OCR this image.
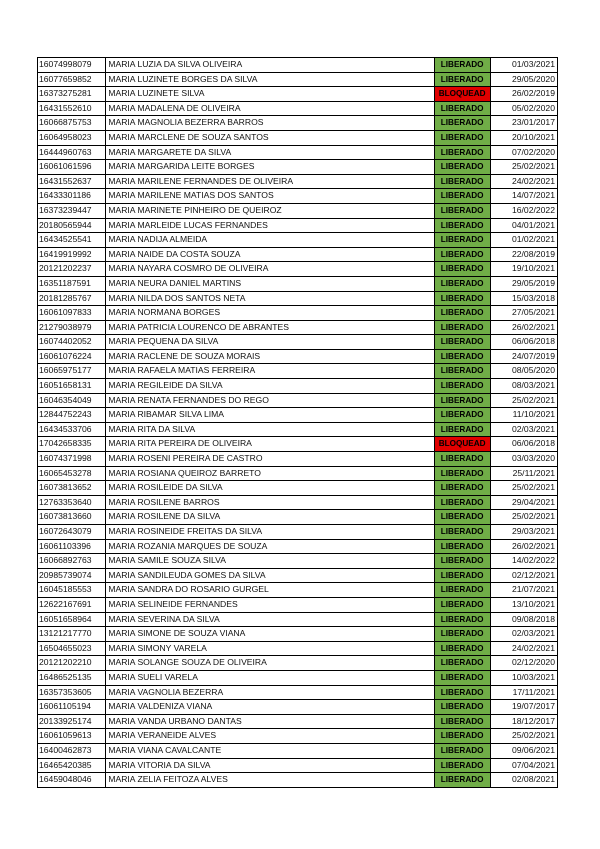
16074998079	MARIA LUZIA DA SILVA OLIVEIRA	LIBERADO	01/03/2021
16077659852	MARIA LUZINETE BORGES DA SILVA	LIBERADO	29/05/2020
16373275281	MARIA LUZINETE SILVA	BLOQUEAD	26/02/2019
16431552610	MARIA MADALENA DE OLIVEIRA	LIBERADO	05/02/2020
16066875753	MARIA MAGNOLIA BEZERRA BARROS	LIBERADO	23/01/2017
16064958023	MARIA MARCLENE DE SOUZA SANTOS	LIBERADO	20/10/2021
16444960763	MARIA MARGARETE DA SILVA	LIBERADO	07/02/2020
16061061596	MARIA MARGARIDA LEITE BORGES	LIBERADO	25/02/2021
16431552637	MARIA MARILENE FERNANDES DE OLIVEIRA	LIBERADO	24/02/2021
16433301186	MARIA MARILENE MATIAS DOS SANTOS	LIBERADO	14/07/2021
16373239447	MARIA MARINETE PINHEIRO DE QUEIROZ	LIBERADO	16/02/2022
20180565944	MARIA MARLEIDE LUCAS FERNANDES	LIBERADO	04/01/2021
16434525541	MARIA NADIJA ALMEIDA	LIBERADO	01/02/2021
16419919992	MARIA NAIDE DA COSTA SOUZA	LIBERADO	22/08/2019
20121202237	MARIA NAYARA COSMRO DE OLIVEIRA	LIBERADO	19/10/2021
16351187591	MARIA NEURA DANIEL MARTINS	LIBERADO	29/05/2019
20181285767	MARIA NILDA DOS SANTOS NETA	LIBERADO	15/03/2018
16061097833	MARIA NORMANA BORGES	LIBERADO	27/05/2021
21279038979	MARIA PATRICIA LOURENCO DE ABRANTES	LIBERADO	26/02/2021
16074402052	MARIA PEQUENA DA SILVA	LIBERADO	06/06/2018
16061076224	MARIA RACLENE DE SOUZA MORAIS	LIBERADO	24/07/2019
16065975177	MARIA RAFAELA MATIAS FERREIRA	LIBERADO	08/05/2020
16051658131	MARIA REGILEIDE DA SILVA	LIBERADO	08/03/2021
16046354049	MARIA RENATA FERNANDES DO REGO	LIBERADO	25/02/2021
12844752243	MARIA RIBAMAR SILVA LIMA	LIBERADO	11/10/2021
16434533706	MARIA RITA DA SILVA	LIBERADO	02/03/2021
17042658335	MARIA RITA PEREIRA DE OLIVEIRA	BLOQUEAD	06/06/2018
16074371998	MARIA ROSENI PEREIRA DE CASTRO	LIBERADO	03/03/2020
16065453278	MARIA ROSIANA QUEIROZ BARRETO	LIBERADO	25/11/2021
16073813652	MARIA ROSILEIDE DA SILVA	LIBERADO	25/02/2021
12763353640	MARIA ROSILENE BARROS	LIBERADO	29/04/2021
16073813660	MARIA ROSILENE DA SILVA	LIBERADO	25/02/2021
16072643079	MARIA ROSINEIDE FREITAS DA SILVA	LIBERADO	29/03/2021
16061103396	MARIA ROZANIA MARQUES DE SOUZA	LIBERADO	26/02/2021
16066892763	MARIA SAMILE SOUZA SILVA	LIBERADO	14/02/2022
20985739074	MARIA SANDILEUDA GOMES DA SILVA	LIBERADO	02/12/2021
16045185553	MARIA SANDRA DO ROSARIO GURGEL	LIBERADO	21/07/2021
12622167691	MARIA SELINEIDE FERNANDES	LIBERADO	13/10/2021
16051658964	MARIA SEVERINA DA SILVA	LIBERADO	09/08/2018
13121217770	MARIA SIMONE DE SOUZA VIANA	LIBERADO	02/03/2021
16504655023	MARIA SIMONY VARELA	LIBERADO	24/02/2021
20121202210	MARIA SOLANGE SOUZA DE OLIVEIRA	LIBERADO	02/12/2020
16486525135	MARIA SUELI VARELA	LIBERADO	10/03/2021
16357353605	MARIA VAGNOLIA BEZERRA	LIBERADO	17/11/2021
16061105194	MARIA VALDENIZA VIANA	LIBERADO	19/07/2017
20133925174	MARIA VANDA URBANO DANTAS	LIBERADO	18/12/2017
16061059613	MARIA VERANEIDE ALVES	LIBERADO	25/02/2021
16400462873	MARIA VIANA CAVALCANTE	LIBERADO	09/06/2021
16465420385	MARIA VITORIA DA SILVA	LIBERADO	07/04/2021
16459048046	MARIA ZELIA FEITOZA ALVES	LIBERADO	02/08/2021
